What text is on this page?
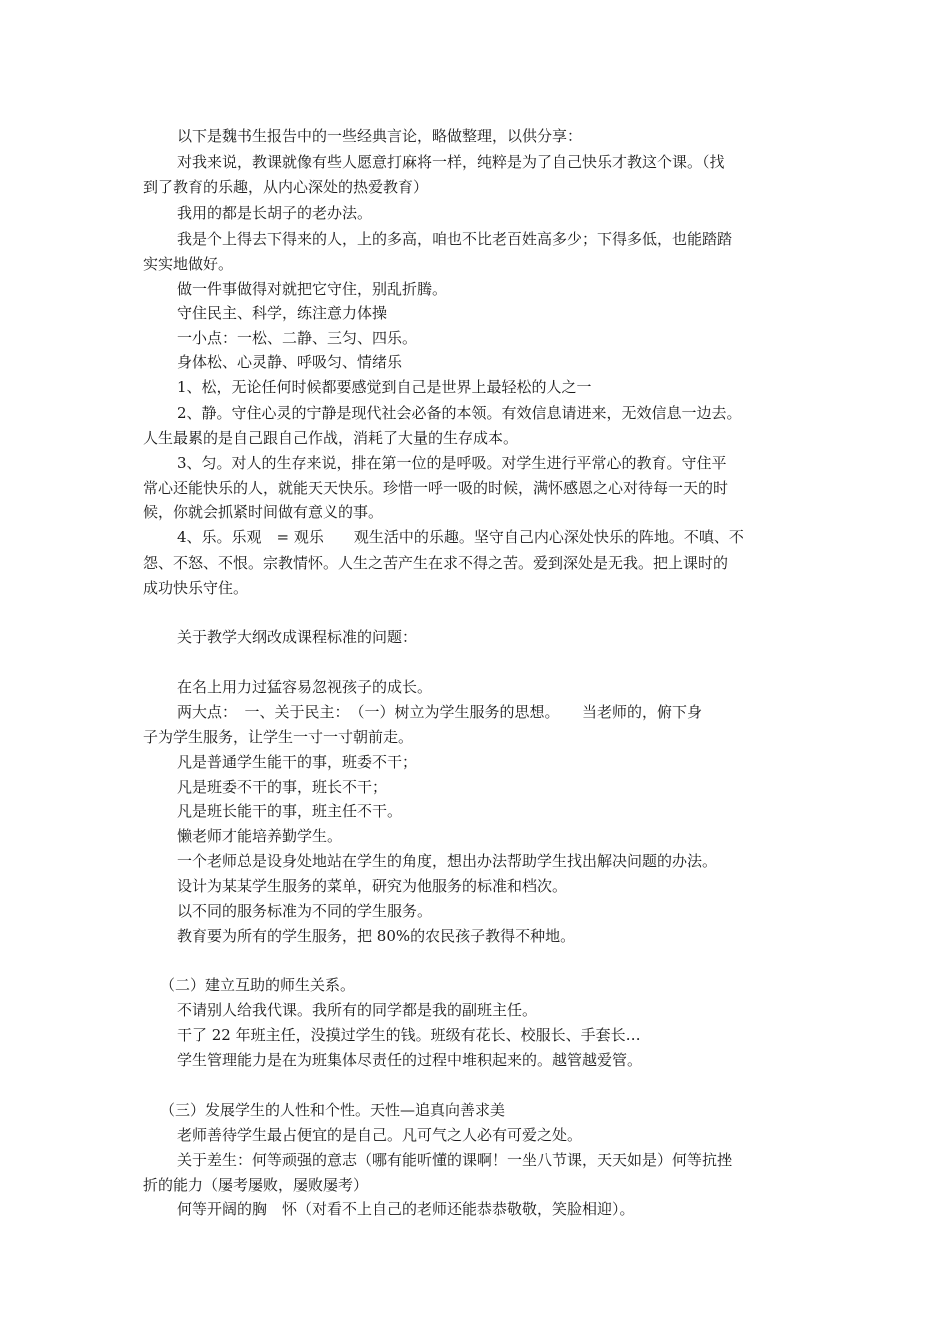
以下是魏书生报告中的一些经典言论，略做整理，以供分享：

对我来说，教课就像有些人愿意打麻将一样，纯粹是为了自己快乐才教这个课。（找

到了教育的乐趣，从内心深处的热爱教育）

我用的都是长胡子的老办法。

我是个上得去下得来的人，上的多高，咱也不比老百姓高多少；下得多低，也能踏踏

实实地做好。

做一件事做得对就把它守住，别乱折腾。

守住民主、科学，练注意力体操

一小点：一松、二静、三匀、四乐。

身体松、心灵静、呼吸匀、情绪乐

1、松，无论任何时候都要感觉到自己是世界上最轻松的人之一

2、静。守住心灵的宁静是现代社会必备的本领。有效信息请进来，无效信息一边去。

人生最累的是自己跟自己作战，消耗了大量的生存成本。

3、匀。对人的生存来说，排在第一位的是呼吸。对学生进行平常心的教育。守住平

常心还能快乐的人，就能天天快乐。珍惜一呼一吸的时候，满怀感恩之心对待每一天的时

候，你就会抓紧时间做有意义的事。

4、乐。乐观　= 观乐　　观生活中的乐趣。坚守自己内心深处快乐的阵地。不嗔、不

怨、不怒、不恨。宗教情怀。人生之苦产生在求不得之苦。爱到深处是无我。把上课时的

成功快乐守住。

关于教学大纲改成课程标准的问题：

在名上用力过猛容易忽视孩子的成长。

两大点：　一、关于民主：　（一）树立为学生服务的思想。　　当老师的，俯下身

子为学生服务，让学生一寸一寸朝前走。

凡是普通学生能干的事，班委不干；

凡是班委不干的事，班长不干；

凡是班长能干的事，班主任不干。

懒老师才能培养勤学生。

一个老师总是设身处地站在学生的角度，想出办法帮助学生找出解决问题的办法。

设计为某某学生服务的菜单，研究为他服务的标准和档次。

以不同的服务标准为不同的学生服务。

教育要为所有的学生服务，把 80%的农民孩子教得不种地。

（二）建立互助的师生关系。

不请别人给我代课。我所有的同学都是我的副班主任。

干了 22 年班主任，没摸过学生的钱。班级有花长、校服长、手套长…

学生管理能力是在为班集体尽责任的过程中堆积起来的。越管越爱管。

（三）发展学生的人性和个性。天性—追真向善求美

老师善待学生最占便宜的是自己。凡可气之人必有可爱之处。

关于差生：何等顽强的意志（哪有能听懂的课啊！一坐八节课，天天如是）何等抗挫

折的能力（屡考屡败，屡败屡考）

何等开阔的胸　怀（对看不上自己的老师还能恭恭敬敬，笑脸相迎）。
